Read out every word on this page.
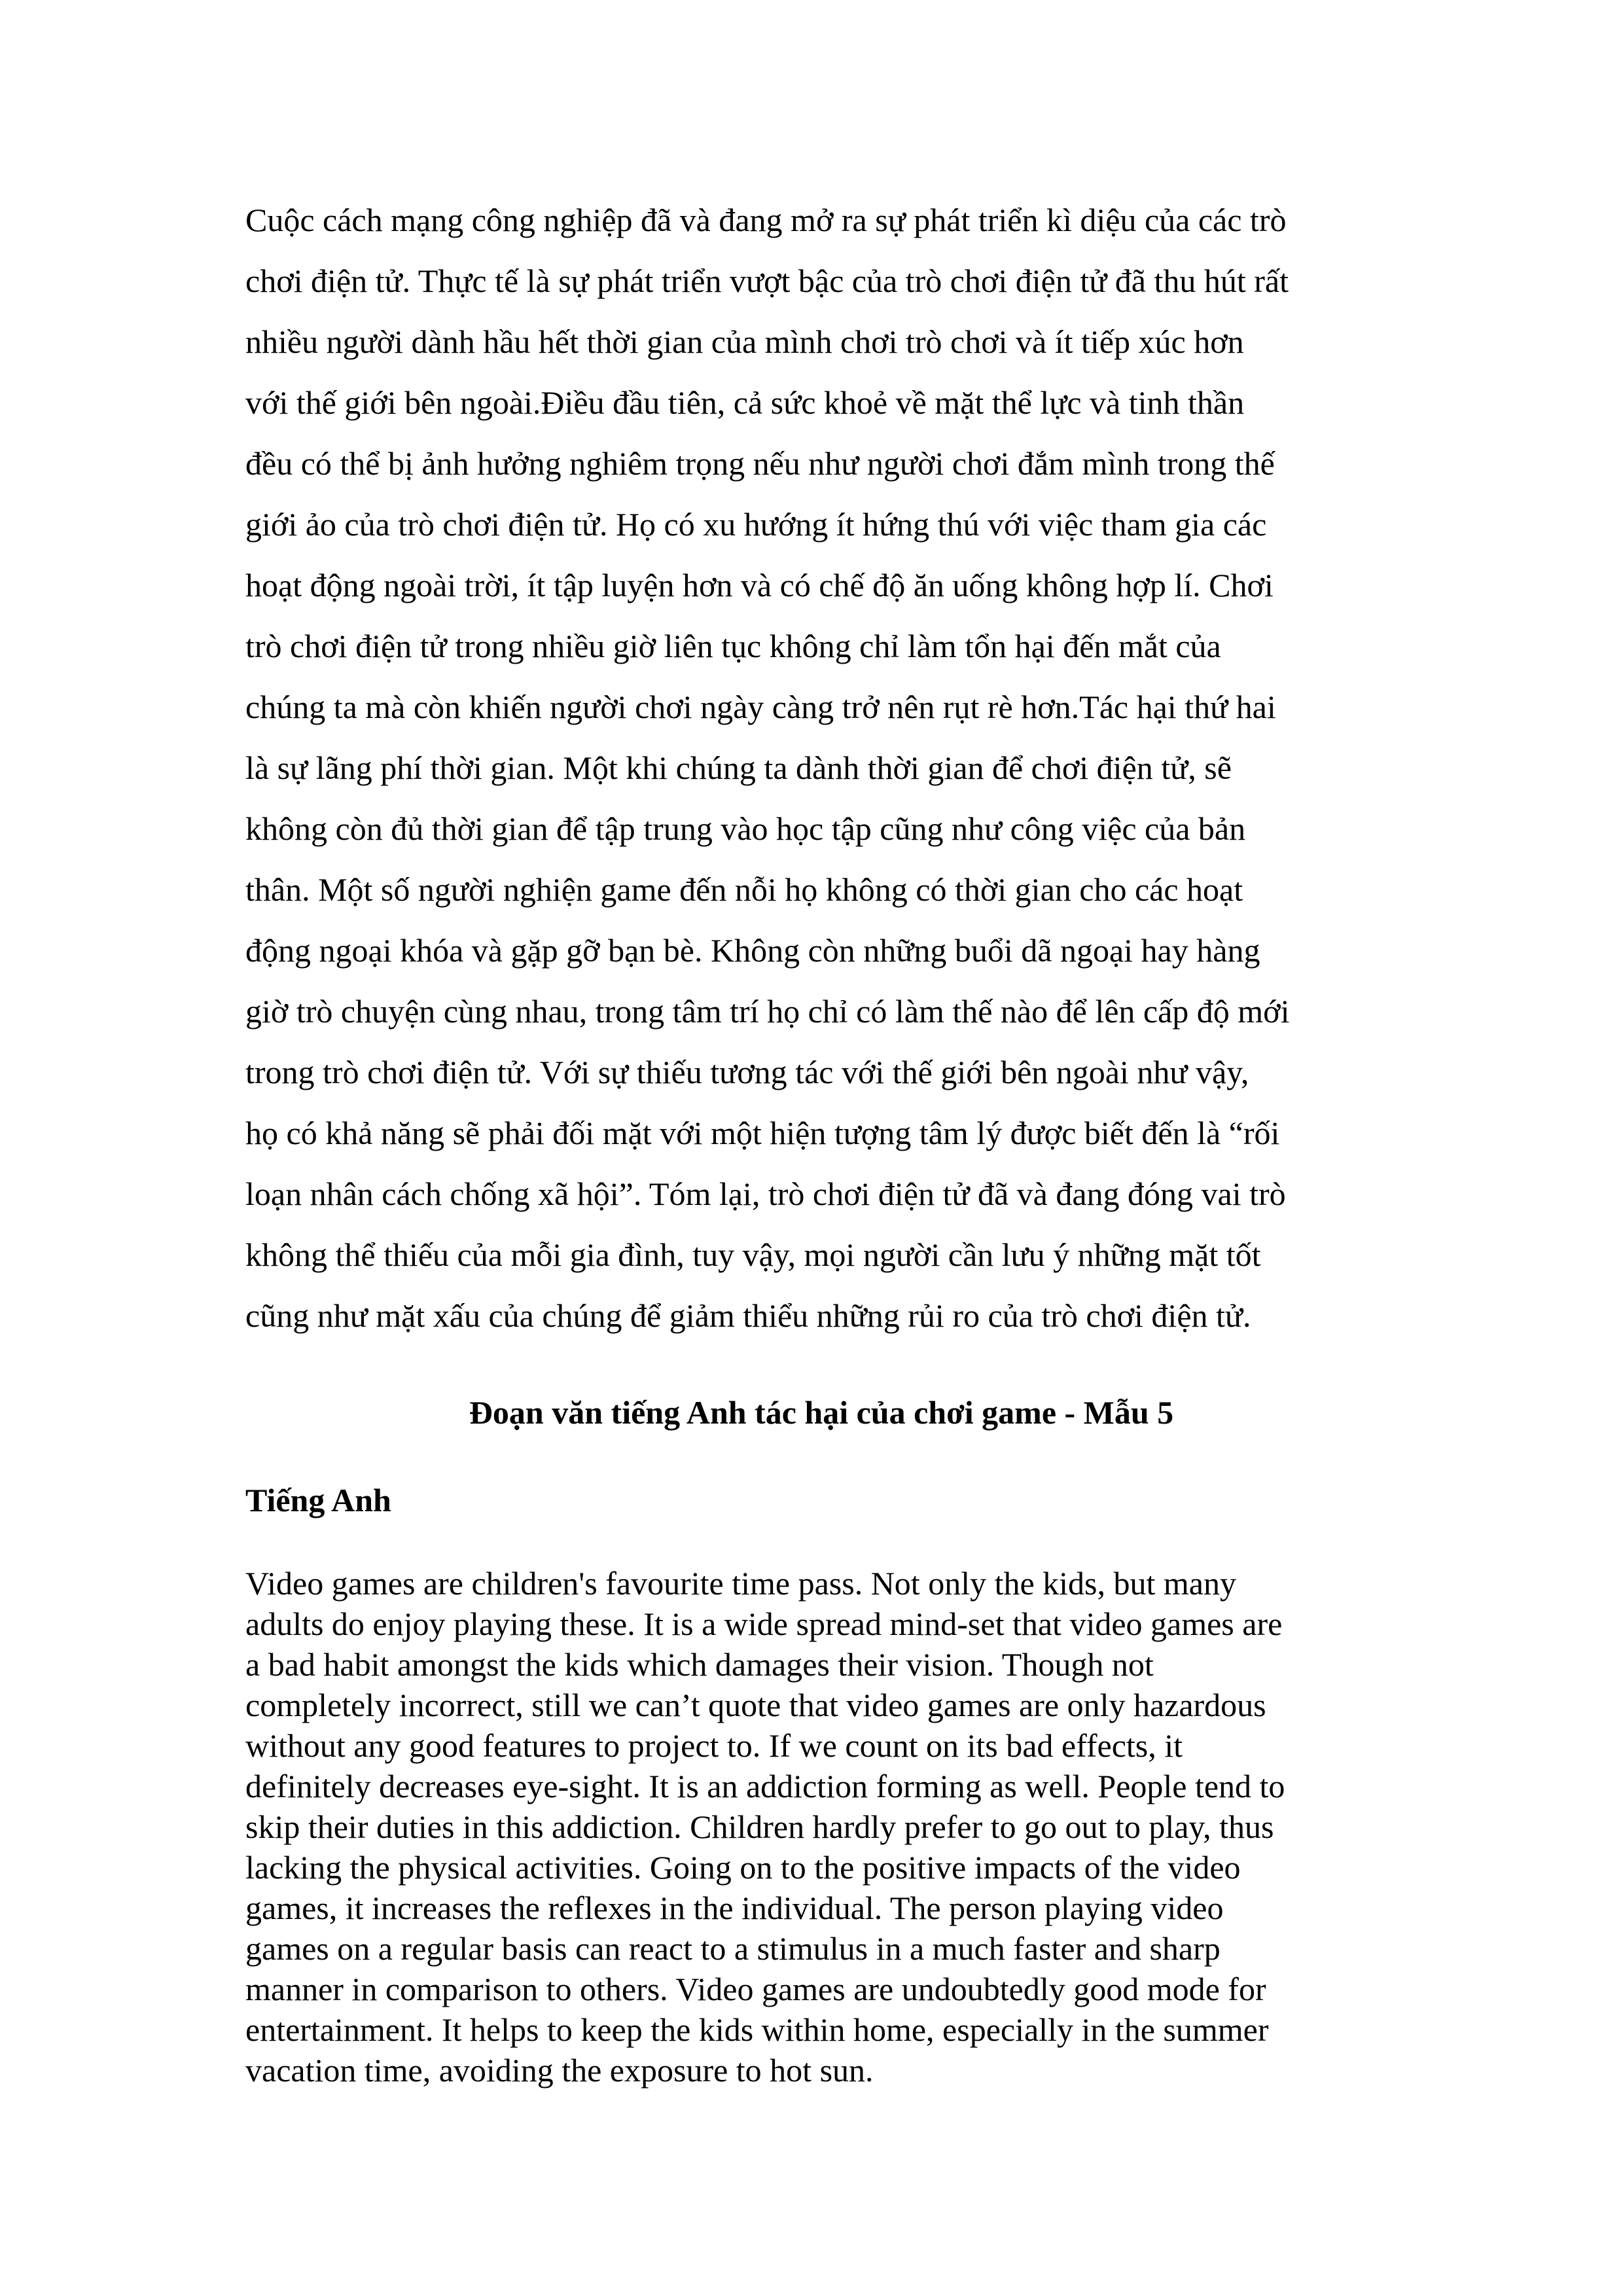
Cuộc cách mạng công nghiệp đã và đang mở ra sự phát triển kì diệu của các trò
chơi điện tử. Thực tế là sự phát triển vượt bậc của trò chơi điện tử đã thu hút rất
nhiều người dành hầu hết thời gian của mình chơi trò chơi và ít tiếp xúc hơn
với thế giới bên ngoài.Điều đầu tiên, cả sức khoẻ về mặt thể lực và tinh thần
đều có thể bị ảnh hưởng nghiêm trọng nếu như người chơi đắm mình trong thế
giới ảo của trò chơi điện tử. Họ có xu hướng ít hứng thú với việc tham gia các
hoạt động ngoài trời, ít tập luyện hơn và có chế độ ăn uống không hợp lí. Chơi
trò chơi điện tử trong nhiều giờ liên tục không chỉ làm tổn hại đến mắt của
chúng ta mà còn khiến người chơi ngày càng trở nên rụt rè hơn.Tác hại thứ hai
là sự lãng phí thời gian. Một khi chúng ta dành thời gian để chơi điện tử, sẽ
không còn đủ thời gian để tập trung vào học tập cũng như công việc của bản
thân. Một số người nghiện game đến nỗi họ không có thời gian cho các hoạt
động ngoại khóa và gặp gỡ bạn bè. Không còn những buổi dã ngoại hay hàng
giờ trò chuyện cùng nhau, trong tâm trí họ chỉ có làm thế nào để lên cấp độ mới
trong trò chơi điện tử. Với sự thiếu tương tác với thế giới bên ngoài như vậy,
họ có khả năng sẽ phải đối mặt với một hiện tượng tâm lý được biết đến là “rối
loạn nhân cách chống xã hội”. Tóm lại, trò chơi điện tử đã và đang đóng vai trò
không thể thiếu của mỗi gia đình, tuy vậy, mọi người cần lưu ý những mặt tốt
cũng như mặt xấu của chúng để giảm thiểu những rủi ro của trò chơi điện tử.

Đoạn văn tiếng Anh tác hại của chơi game - Mẫu 5
Tiếng Anh

Video games are children's favourite time pass. Not only the kids, but many
adults do enjoy playing these. It is a wide spread mind-set that video games are
a bad habit amongst the kids which damages their vision. Though not
completely incorrect, still we can’t quote that video games are only hazardous
without any good features to project to. If we count on its bad effects, it
definitely decreases eye-sight. It is an addiction forming as well. People tend to
skip their duties in this addiction. Children hardly prefer to go out to play, thus
lacking the physical activities. Going on to the positive impacts of the video
games, it increases the reflexes in the individual. The person playing video
games on a regular basis can react to a stimulus in a much faster and sharp
manner in comparison to others. Video games are undoubtedly good mode for
entertainment. It helps to keep the kids within home, especially in the summer
vacation time, avoiding the exposure to hot sun.
